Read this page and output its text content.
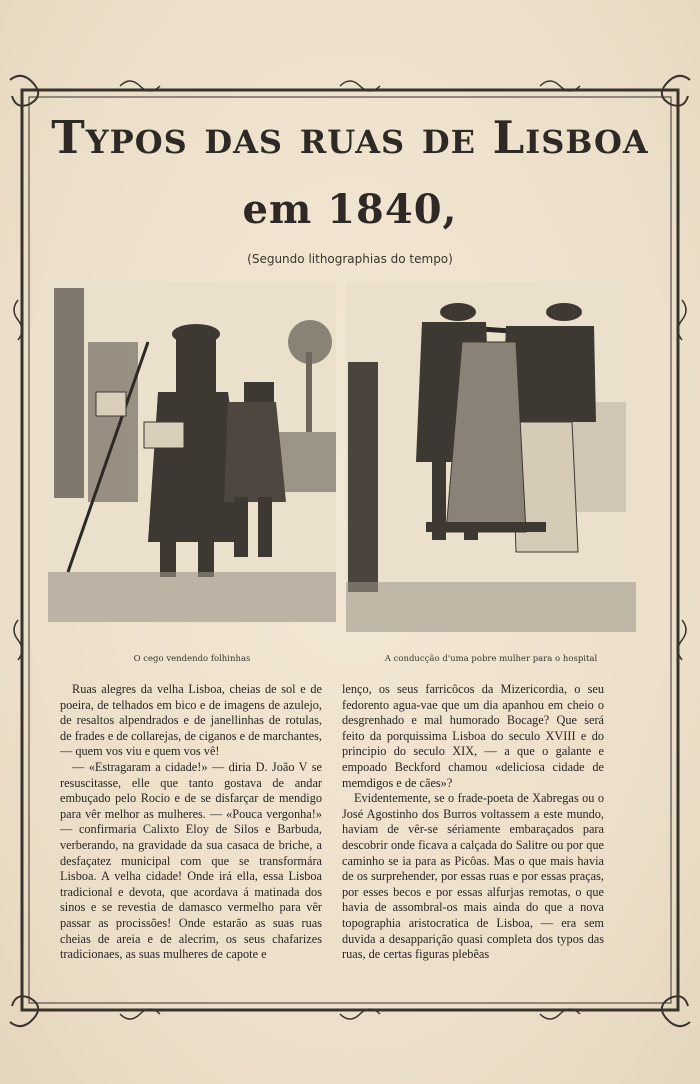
Typos das ruas de Lisboa
em 1840,
(Segundo lithographias do tempo)
O cego vendendo folhinhas	A conducção d'uma pobre mulher para o hospital

Ruas alegres da velha Lisboa, cheias de sol e de poeira, de telhados em bico e de imagens de azulejo, de resaltos alpendrados e de janellinhas de rotulas, de frades e de collarejas, de ciganos e de marchantes, — quem vos viu e quem vos vê!

— «Estragaram a cidade!» — diria D. João V se resuscitasse, elle que tanto gostava de andar embuçado pelo Rocio e de se disfarçar de mendigo para vêr melhor as mulheres. — «Pouca vergonha!» — confirmaria Calixto Eloy de Silos e Barbuda, verberando, na gravidade da sua casaca de briche, a desfaçatez municipal com que se transformára Lisboa. A velha cidade! Onde irá ella, essa Lisboa tradicional e devota, que acordava á matinada dos sinos e se revestia de damasco vermelho para vêr passar as procissões! Onde estarão as suas ruas cheias de areia e de alecrim, os seus chafarizes tradicionaes, as suas mulheres de capote e

lenço, os seus farricôcos da Mizericordia, o seu fedorento agua-vae que um dia apanhou em cheio o desgrenhado e mal humorado Bocage? Que será feito da porquissima Lisboa do seculo XVIII e do principio do seculo XIX, — a que o galante e empoado Beckford chamou «deliciosa cidade de memdigos e de cães»?

Evidentemente, se o frade-poeta de Xabregas ou o José Agostinho dos Burros voltassem a este mundo, haviam de vêr-se sériamente embaraçados para descobrir onde ficava a calçada do Salitre ou por que caminho se ia para as Picôas. Mas o que mais havia de os surprehender, por essas ruas e por essas praças, por esses becos e por essas alfurjas remotas, o que havia de assombral-os mais ainda do que a nova topographia aristocratica de Lisboa, — era sem duvida a desapparição quasi completa dos typos das ruas, de certas figuras plebêas
